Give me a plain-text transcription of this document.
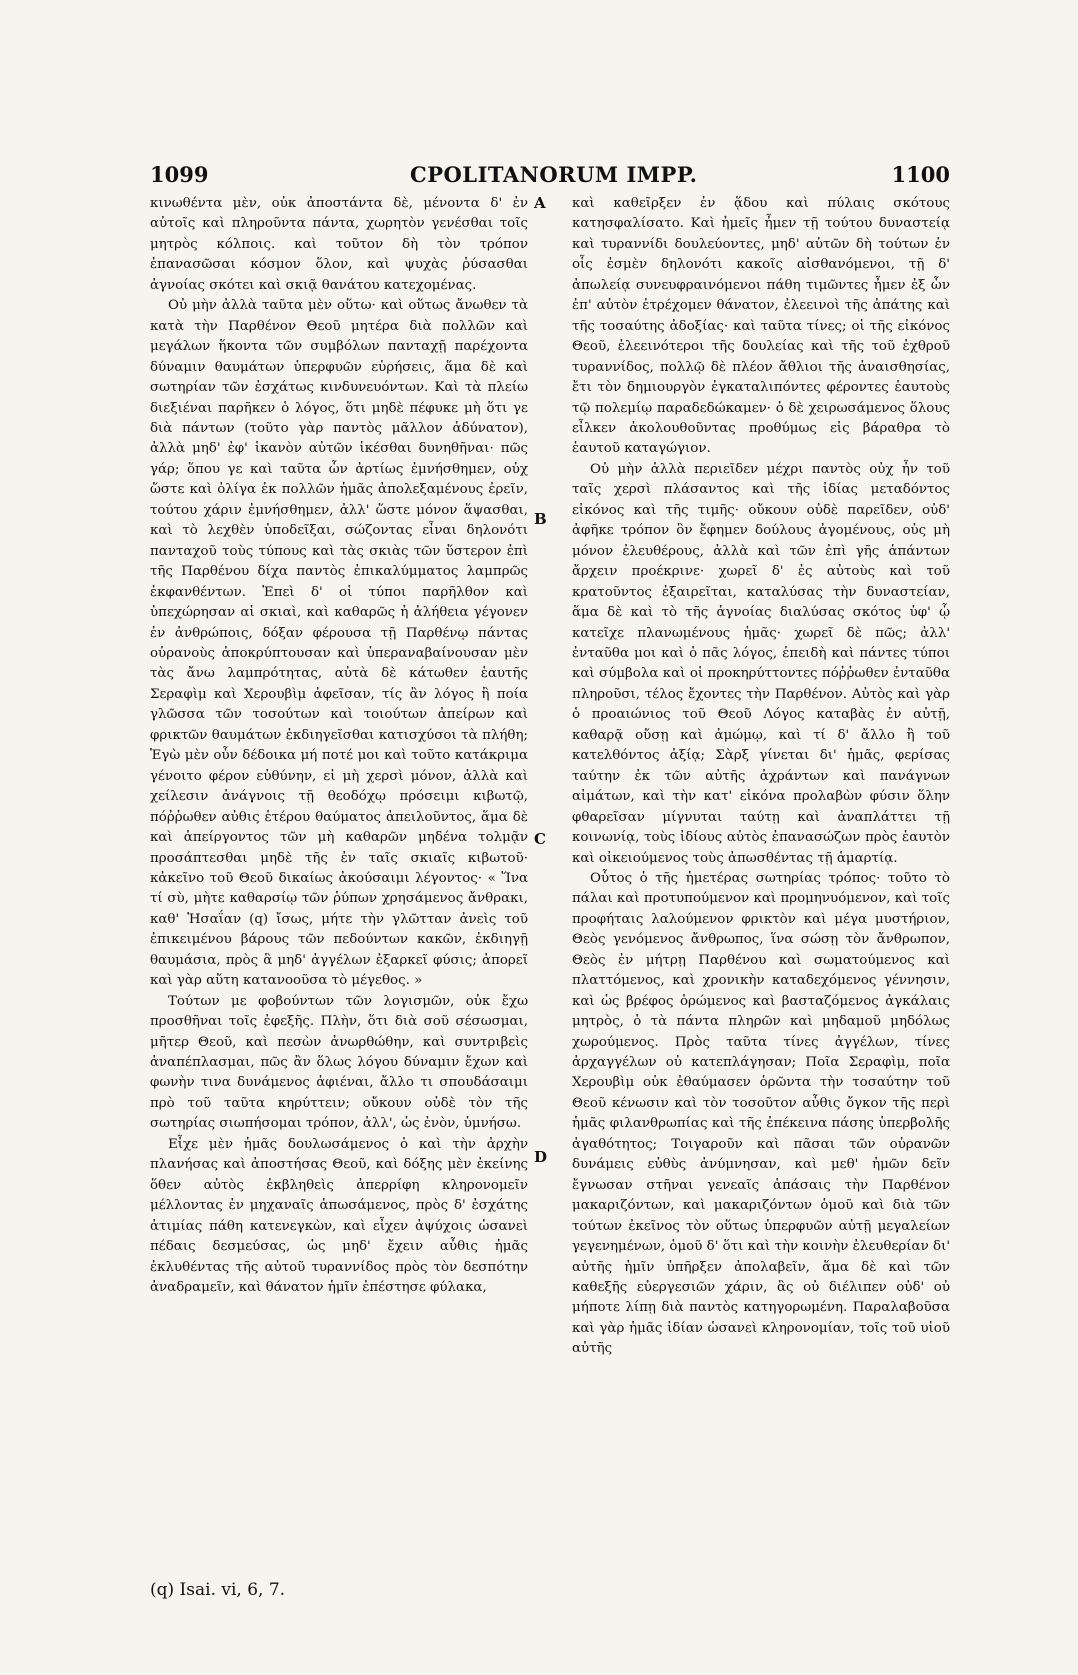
1099	CPOLITANORUM IMPP.	1100

κινωθέντα μὲν, οὐκ ἀποστάντα δὲ, μένοντα δ' ἐν αὐτοῖς καὶ πληροῦντα πάντα, χωρητὸν γενέσθαι τοῖς μητρὸς κόλποις. καὶ τοῦτον δὴ τὸν τρόπον ἐπανασῶσαι κόσμον ὅλον, καὶ ψυχὰς ῥύσασθαι ἀγνοίας σκότει καὶ σκιᾷ θανάτου κατεχομένας.

Οὐ μὴν ἀλλὰ ταῦτα μὲν οὕτω· καὶ οὕτως ἄνωθεν τὰ κατὰ τὴν Παρθένον Θεοῦ μητέρα διὰ πολλῶν καὶ μεγάλων ἥκοντα τῶν συμβόλων πανταχῇ παρέχοντα δύναμιν θαυμάτων ὑπερφυῶν εὑρήσεις, ἅμα δὲ καὶ σωτηρίαν τῶν ἐσχάτως κινδυνευόντων. Καὶ τὰ πλείω διεξιέναι παρῆκεν ὁ λόγος, ὅτι μηδὲ πέφυκε μὴ ὅτι γε διὰ πάντων (τοῦτο γὰρ παντὸς μᾶλλον ἀδύνατον), ἀλλὰ μηδ' ἐφ' ἱκανὸν αὐτῶν ἱκέσθαι δυνηθῆναι· πῶς γάρ; ὅπου γε καὶ ταῦτα ὧν ἀρτίως ἐμνήσθημεν, οὐχ ὥστε καὶ ὀλίγα ἐκ πολλῶν ἡμᾶς ἀπολεξαμένους ἐρεῖν, τούτου χάριν ἐμνήσθημεν, ἀλλ' ὥστε μόνον ἅψασθαι, καὶ τὸ λεχθὲν ὑποδεῖξαι, σώζοντας εἶναι δηλονότι πανταχοῦ τοὺς τύπους καὶ τὰς σκιὰς τῶν ὕστερον ἐπὶ τῆς Παρθένου δίχα παντὸς ἐπικαλύμματος λαμπρῶς ἐκφανθέντων. Ἐπεὶ δ' οἱ τύποι παρῆλθον καὶ ὑπεχώρησαν αἱ σκιαὶ, καὶ καθαρῶς ἡ ἀλήθεια γέγονεν ἐν ἀνθρώποις, δόξαν φέρουσα τῇ Παρθένῳ πάντας οὐρανοὺς ἀποκρύπτουσαν καὶ ὑπεραναβαίνουσαν μὲν τὰς ἄνω λαμπρότητας, αὐτὰ δὲ κάτωθεν ἑαυτῆς Σεραφὶμ καὶ Χερουβὶμ ἀφεῖσαν, τίς ἂν λόγος ἢ ποία γλῶσσα τῶν τοσούτων καὶ τοιούτων ἀπείρων καὶ φρικτῶν θαυμάτων ἐκδιηγεῖσθαι κατισχύσοι τὰ πλήθη; Ἐγὼ μὲν οὖν δέδοικα μή ποτέ μοι καὶ τοῦτο κατάκριμα γένοιτο φέρον εὐθύνην, εἰ μὴ χερσὶ μόνον, ἀλλὰ καὶ χείλεσιν ἀνάγνοις τῇ θεοδόχῳ πρόσειμι κιβωτῷ, πόῤῥωθεν αὐθις ἑτέρου θαύματος ἀπειλοῦντος, ἅμα δὲ καὶ ἀπείργοντος τῶν μὴ καθαρῶν μηδένα τολμᾷν προσάπτεσθαι μηδὲ τῆς ἐν ταῖς σκιαῖς κιβωτοῦ· κἀκεῖνο τοῦ Θεοῦ δικαίως ἀκούσαιμι λέγοντος· « Ἵνα τί σὺ, μὴτε καθαρσίῳ τῶν ῥύπων χρησάμενος ἄνθρακι, καθ' Ἡσαΐαν (q) ἴσως, μήτε τὴν γλῶτταν ἀνεὶς τοῦ ἐπικειμένου βάρους τῶν πεδούντων κακῶν, ἐκδιηγῇ θαυμάσια, πρὸς ἃ μηδ' ἀγγέλων ἐξαρκεῖ φύσις; ἀπορεῖ καὶ γὰρ αὕτη κατανοοῦσα τὸ μέγεθος. »

Τούτων με φοβούντων τῶν λογισμῶν, οὐκ ἔχω προσθῆναι τοῖς ἐφεξῆς. Πλὴν, ὅτι διὰ σοῦ σέσωσμαι, μῆτερ Θεοῦ, καὶ πεσὼν ἀνωρθώθην, καὶ συντριβεὶς ἀναπέπλασμαι, πῶς ἂν ὅλως λόγου δύναμιν ἔχων καὶ φωνὴν τινα δυνάμενος ἀφιέναι, ἄλλο τι σπουδάσαιμι πρὸ τοῦ ταῦτα κηρύττειν; οὔκουν οὐδὲ τὸν τῆς σωτηρίας σιωπήσομαι τρόπον, ἀλλ', ὡς ἐνὸν, ὑμνήσω.

Εἶχε μὲν ἡμᾶς δουλωσάμενος ὁ καὶ τὴν ἀρχὴν πλανήσας καὶ ἀποστήσας Θεοῦ, καὶ δόξης μὲν ἐκείνης ὅθεν αὐτὸς ἐκβληθεὶς ἀπερρίφη κληρονομεῖν μέλλοντας ἐν μηχαναῖς ἀπωσάμενος, πρὸς δ' ἐσχάτης ἀτιμίας πάθη κατενεγκὼν, καὶ εἶχεν ἀψύχοις ὡσανεὶ πέδαις δεσμεύσας, ὡς μηδ' ἔχειν αὖθις ἡμᾶς ἐκλυθέντας τῆς αὐτοῦ τυραννίδος πρὸς τὸν δεσπότην ἀναδραμεῖν, καὶ θάνατον ἡμῖν ἐπέστησε φύλακα,

A
B
C
D

καὶ καθεῖρξεν ἐν ᾅδου καὶ πύλαις σκότους κατησφαλίσατο. Καὶ ἡμεῖς ἦμεν τῇ τούτου δυναστείᾳ καὶ τυραννίδι δουλεύοντες, μηδ' αὐτῶν δὴ τούτων ἐν οἷς ἐσμὲν δηλονότι κακοῖς αἰσθανόμενοι, τῇ δ' ἀπωλείᾳ συνευφραινόμενοι πάθη τιμῶντες ἦμεν ἐξ ὧν ἐπ' αὐτὸν ἐτρέχομεν θάνατον, ἐλεεινοὶ τῆς ἀπάτης καὶ τῆς τοσαύτης ἀδοξίας· καὶ ταῦτα τίνες; οἱ τῆς εἰκόνος Θεοῦ, ἐλεεινότεροι τῆς δουλείας καὶ τῆς τοῦ ἐχθροῦ τυραννίδος, πολλῷ δὲ πλέον ἄθλιοι τῆς ἀναισθησίας, ἔτι τὸν δημιουργὸν ἐγκαταλιπόντες φέροντες ἑαυτοὺς τῷ πολεμίῳ παραδεδώκαμεν· ὁ δὲ χειρωσάμενος ὅλους εἶλκεν ἀκολουθοῦντας προθύμως εἰς βάραθρα τὸ ἑαυτοῦ καταγώγιον.

Οὐ μὴν ἀλλὰ περιεῖδεν μέχρι παντὸς οὐχ ἦν τοῦ ταῖς χερσὶ πλάσαντος καὶ τῆς ἰδίας μεταδόντος εἰκόνος καὶ τῆς τιμῆς· οὔκουν οὐδὲ παρεῖδεν, οὐδ' ἀφῆκε τρόπον ὃν ἔφημεν δούλους ἀγομένους, οὐς μὴ μόνον ἐλευθέρους, ἀλλὰ καὶ τῶν ἐπὶ γῆς ἁπάντων ἄρχειν προέκρινε· χωρεῖ δ' ἐς αὐτοὺς καὶ τοῦ κρατοῦντος ἐξαιρεῖται, καταλύσας τὴν δυναστείαν, ἅμα δὲ καὶ τὸ τῆς ἀγνοίας διαλύσας σκότος ὑφ' ᾧ κατεῖχε πλανωμένους ἡμᾶς· χωρεῖ δὲ πῶς; ἀλλ' ἐνταῦθα μοι καὶ ὁ πᾶς λόγος, ἐπειδὴ καὶ πάντες τύποι καὶ σύμβολα καὶ οἱ προκηρύττοντες πόῤῥωθεν ἐνταῦθα πληροῦσι, τέλος ἔχοντες τὴν Παρθένον. Αὐτὸς καὶ γὰρ ὁ προαιώνιος τοῦ Θεοῦ Λόγος καταβὰς ἐν αὐτῇ, καθαρᾷ οὔσῃ καὶ ἀμώμῳ, καὶ τί δ' ἄλλο ἢ τοῦ κατελθόντος ἀξίᾳ; Σὰρξ γίνεται δι' ἡμᾶς, φερίσας ταύτην ἐκ τῶν αὐτῆς ἀχράντων καὶ πανάγνων αἱμάτων, καὶ τὴν κατ' εἰκόνα προλαβὼν φύσιν ὅλην φθαρεῖσαν μίγνυται ταύτῃ καὶ ἀναπλάττει τῇ κοινωνίᾳ, τοὺς ἰδίους αὐτὸς ἐπανασώζων πρὸς ἑαυτὸν καὶ οἰκειούμενος τοὺς ἀπωσθέντας τῇ ἁμαρτίᾳ.

Οὗτος ὁ τῆς ἡμετέρας σωτηρίας τρόπος· τοῦτο τὸ πάλαι καὶ προτυπούμενον καὶ προμηνυόμενον, καὶ τοῖς προφήταις λαλούμενον φρικτὸν καὶ μέγα μυστήριον, Θεὸς γενόμενος ἄνθρωπος, ἵνα σώσῃ τὸν ἄνθρωπον, Θεὸς ἐν μήτρῃ Παρθένου καὶ σωματούμενος καὶ πλαττόμενος, καὶ χρονικὴν καταδεχόμενος γέννησιν, καὶ ὡς βρέφος ὁρώμενος καὶ βασταζόμενος ἀγκάλαις μητρὸς, ὁ τὰ πάντα πληρῶν καὶ μηδαμοῦ μηδόλως χωρούμενος. Πρὸς ταῦτα τίνες ἀγγέλων, τίνες ἀρχαγγέλων οὐ κατεπλάγησαν; Ποῖα Σεραφὶμ, ποῖα Χερουβὶμ οὐκ ἐθαύμασεν ὁρῶντα τὴν τοσαύτην τοῦ Θεοῦ κένωσιν καὶ τὸν τοσοῦτον αὖθις ὄγκον τῆς περὶ ἡμᾶς φιλανθρωπίας καὶ τῆς ἐπέκεινα πάσης ὑπερβολῆς ἀγαθότητος; Τοιγαροῦν καὶ πᾶσαι τῶν οὐρανῶν δυνάμεις εὐθὺς ἀνύμνησαν, καὶ μεθ' ἡμῶν δεῖν ἔγνωσαν στῆναι γενεαῖς ἁπάσαις τὴν Παρθένον μακαριζόντων, καὶ μακαριζόντων ὁμοῦ καὶ διὰ τῶν τούτων ἐκεῖνος τὸν οὕτως ὑπερφυῶν αὐτῇ μεγαλείων γεγενημένων, ὁμοῦ δ' ὅτι καὶ τὴν κοινὴν ἐλευθερίαν δι' αὐτῆς ἡμῖν ὑπῆρξεν ἀπολαβεῖν, ἅμα δὲ καὶ τῶν καθεξῆς εὐεργεσιῶν χάριν, ἃς οὐ διέλιπεν οὐδ' οὐ μήποτε λίπῃ διὰ παντὸς κατηγορωμένη. Παραλαβοῦσα καὶ γὰρ ἡμᾶς ἰδίαν ὡσανεὶ κληρονομίαν, τοῖς τοῦ υἱοῦ αὐτῆς

(q) Isai. vi, 6, 7.
